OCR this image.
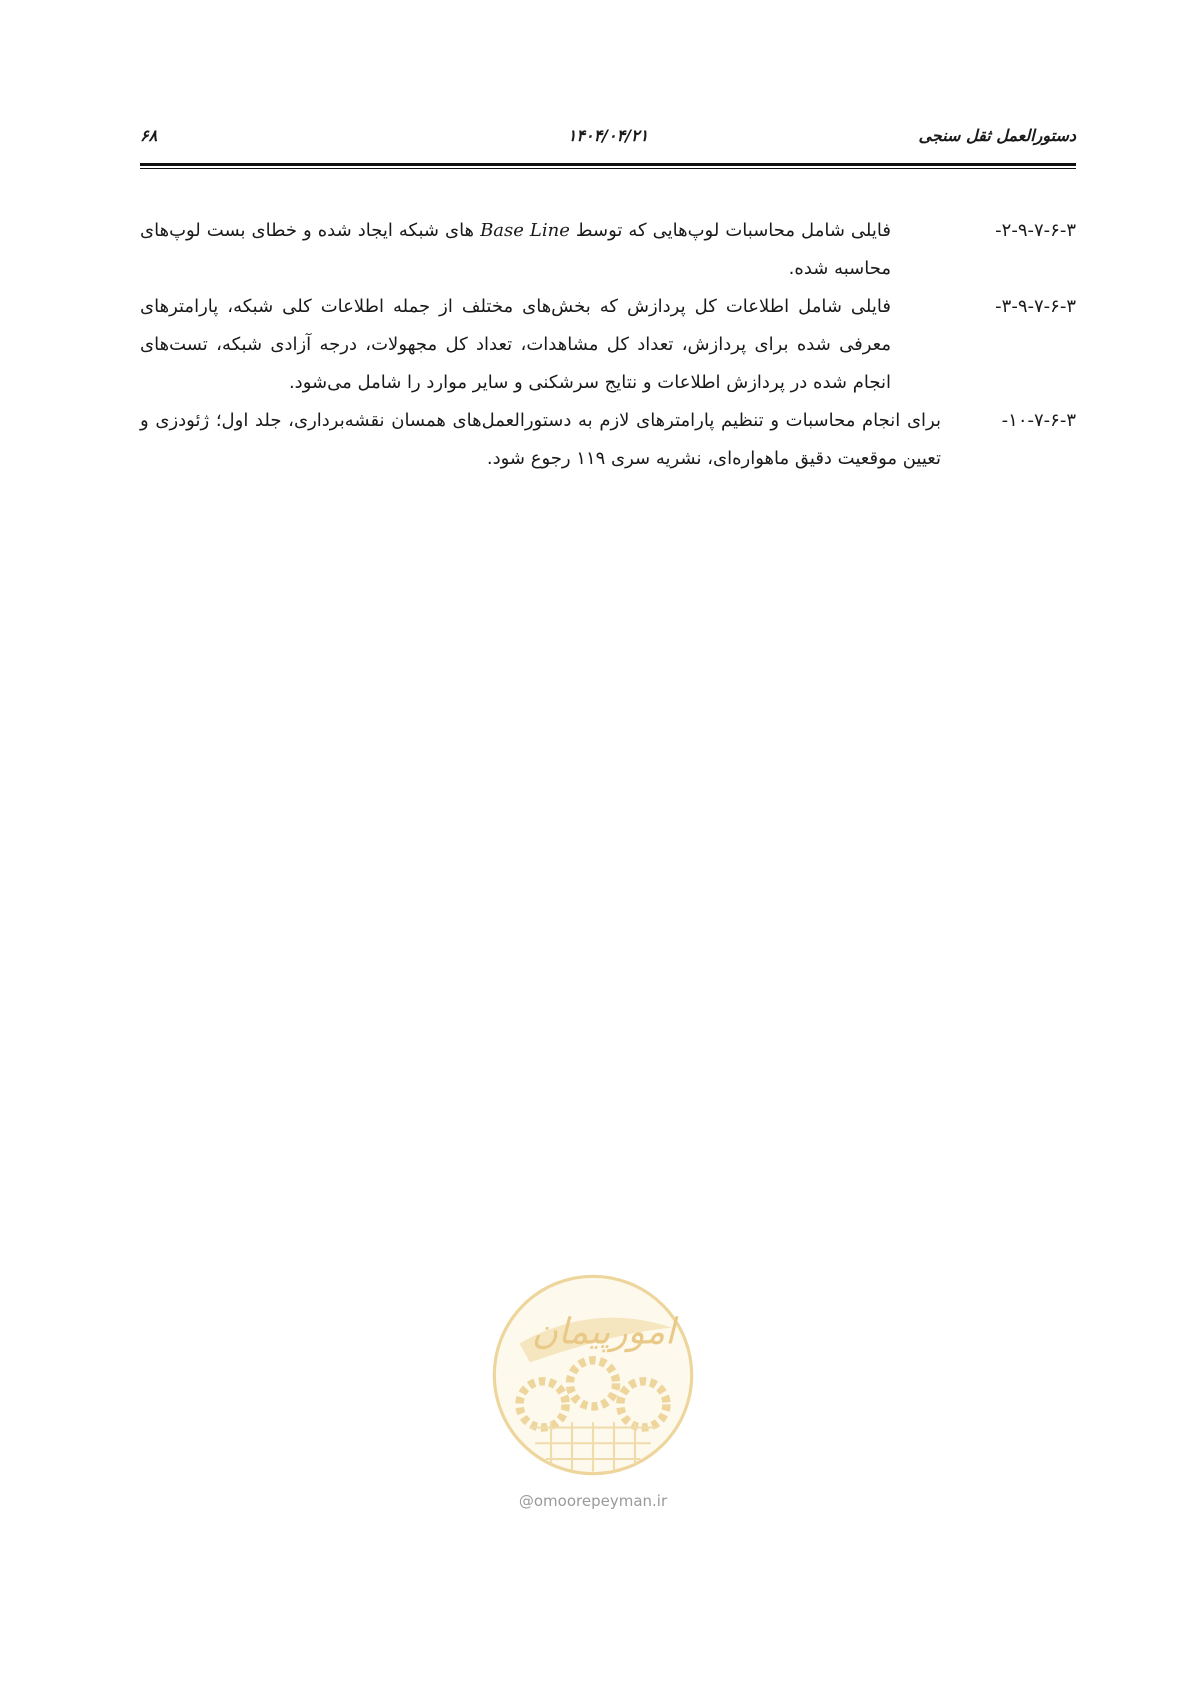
۶۸	۱۴۰۴/۰۴/۲۱	دستورالعمل ثقل سنجی
۲-۹-۷-۶-۳-
فایلی شامل محاسبات لوپ‌هایی که توسط Base Line های شبکه ایجاد شده و خطای بست لوپ‌های محاسبه شده.
۳-۹-۷-۶-۳-
فایلی شامل اطلاعات کل پردازش که بخش‌های مختلف از جمله اطلاعات کلی شبکه، پارامترهای معرفی شده برای پردازش، تعداد کل مشاهدات، تعداد کل مجهولات، درجه آزادی شبکه، تست‌های انجام شده در پردازش اطلاعات و نتایج سرشکنی و سایر موارد را شامل می‌شود.
۱۰-۷-۶-۳-
برای انجام محاسبات و تنظیم پارامترهای لازم به دستورالعمل‌های همسان نقشه‌برداری، جلد اول؛ ژئودزی و تعیین موقعیت دقیق ماهواره‌ای، نشریه سری ۱۱۹ رجوع شود.
امورپیمان
@omoorepeyman.ir
